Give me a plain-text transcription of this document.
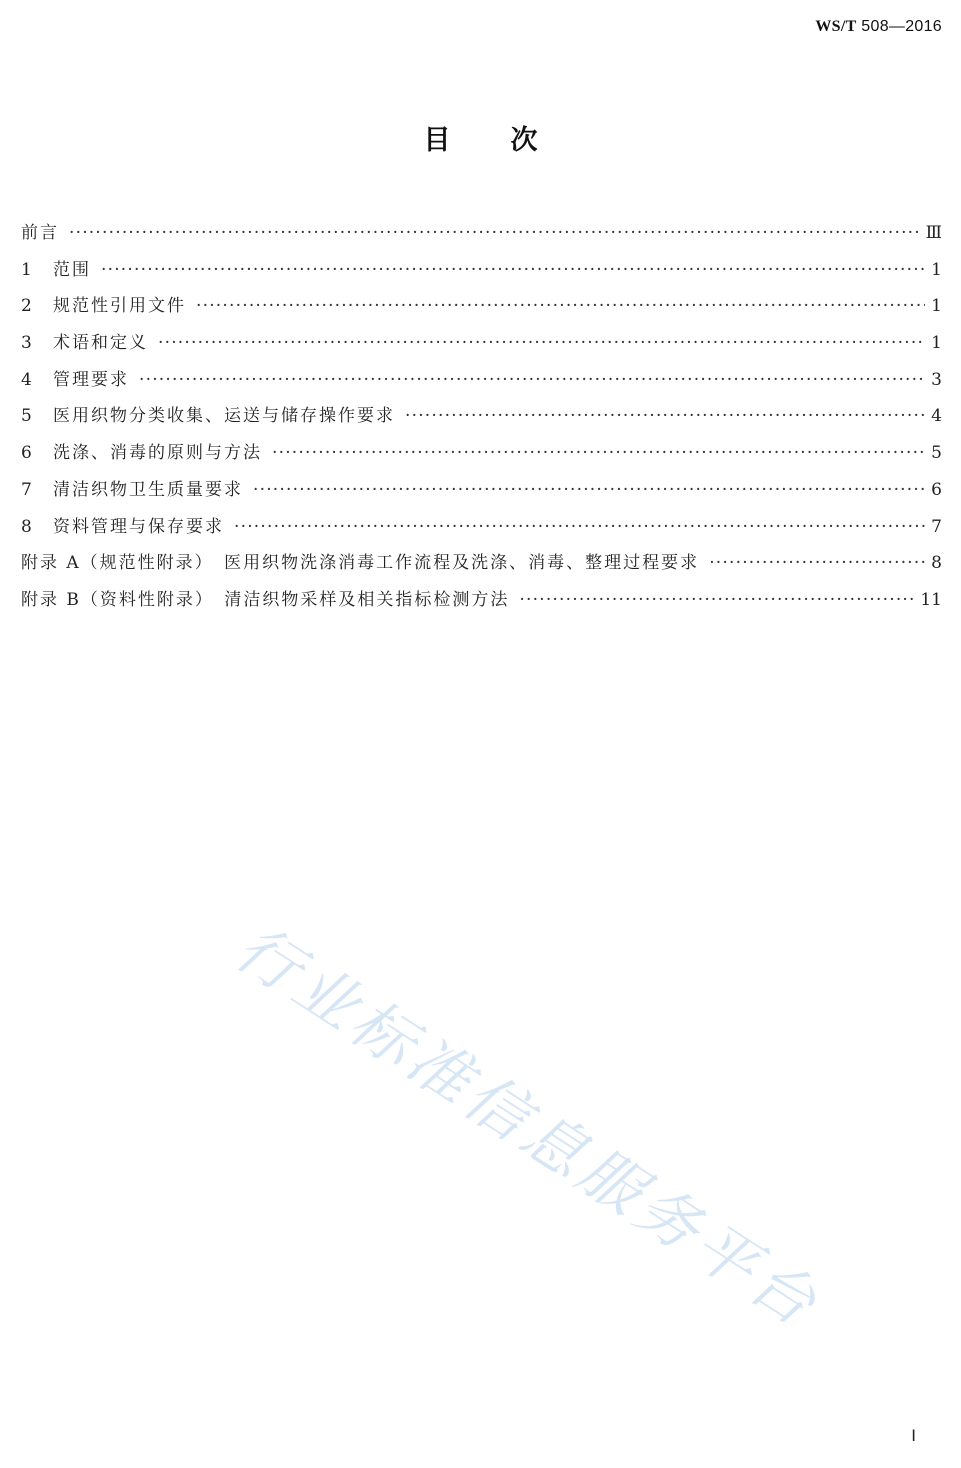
WS/T 508—2016
目次
前言 ·····	Ⅲ
1	范围 ·····	1
2	规范性引用文件 ·····	1
3	术语和定义 ·····	1
4	管理要求 ·····	3
5	医用织物分类收集、运送与储存操作要求 ·····	4
6	洗涤、消毒的原则与方法 ·····	5
7	清洁织物卫生质量要求 ·····	6
8	资料管理与保存要求 ·····	7
附录 A（规范性附录）　医用织物洗涤消毒工作流程及洗涤、消毒、整理过程要求 ·····	8
附录 B（资料性附录）　清洁织物采样及相关指标检测方法 ·····	11
行业标准信息服务平台
Ⅰ
